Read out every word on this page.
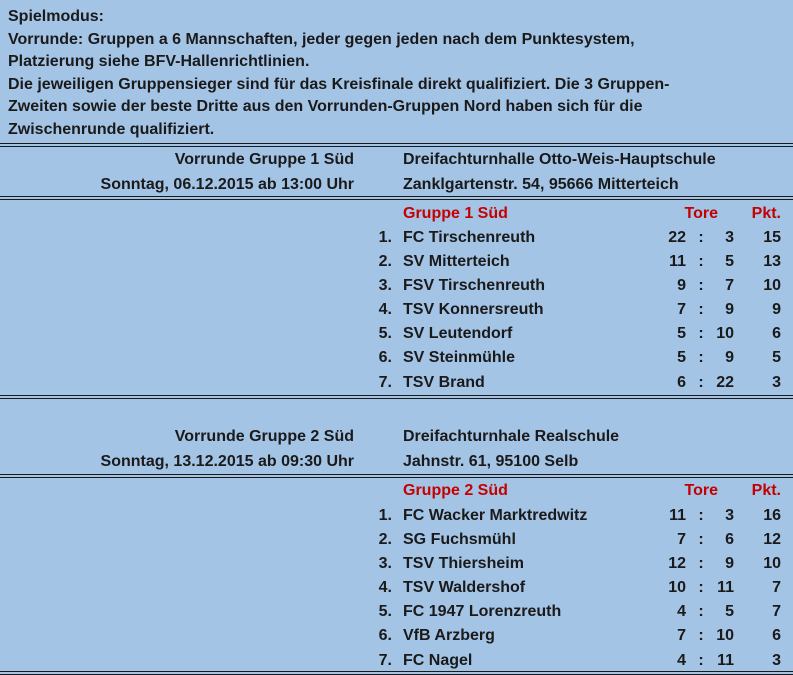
Spielmodus:
Vorrunde: Gruppen a 6 Mannschaften, jeder gegen jeden nach dem Punktesystem,
Platzierung siehe BFV-Hallenrichtlinien.
Die jeweiligen Gruppensieger sind für das Kreisfinale direkt qualifiziert. Die 3 Gruppen-
Zweiten sowie der beste Dritte aus den Vorrunden-Gruppen Nord haben sich für die
Zwischenrunde qualifiziert.
Vorrunde Gruppe 1 Süd
Sonntag, 06.12.2015 ab 13:00 Uhr
Dreifachturnhalle Otto-Weis-Hauptschule
Zanklgartenstr. 54, 95666 Mitterteich
Gruppe 1 Süd	Tore	Pkt.
1. FC Tirschenreuth	22 :	3	15
2. SV Mitterteich	11 :	5	13
3. FSV Tirschenreuth	9 :	7	10
4. TSV Konnersreuth	7 :	9	9
5. SV Leutendorf	5 : 10	6
6. SV Steinmühle	5 :	9	5
7. TSV Brand	6 : 22	3
Vorrunde Gruppe 2 Süd
Sonntag, 13.12.2015 ab 09:30 Uhr
Dreifachturnhale Realschule
Jahnstr. 61, 95100 Selb
Gruppe 2 Süd	Tore	Pkt.
1. FC Wacker Marktredwitz	11 :	3	16
2. SG Fuchsmühl	7 :	6	12
3. TSV Thiersheim	12 :	9	10
4. TSV Waldershof	10 : 11	7
5. FC 1947 Lorenzreuth	4 :	5	7
6. VfB Arzberg	7 : 10	6
7. FC Nagel	4 : 11	3
